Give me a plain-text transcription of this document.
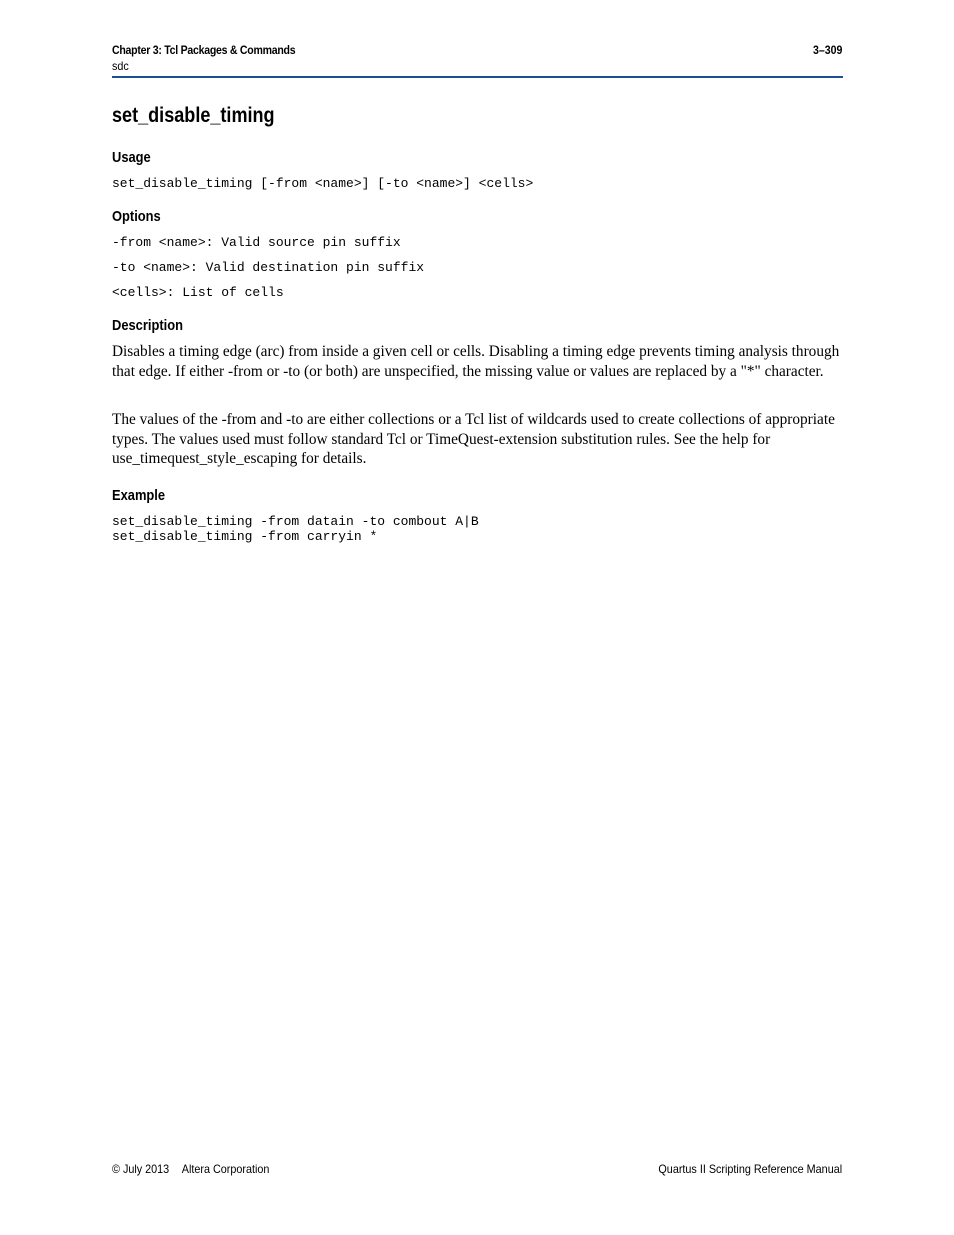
Chapter 3: Tcl Packages & Commands	3–309
sdc
set_disable_timing
Usage
set_disable_timing [-from <name>] [-to <name>] <cells>
Options
-from <name>: Valid source pin suffix
-to <name>: Valid destination pin suffix
<cells>: List of cells
Description

Disables a timing edge (arc) from inside a given cell or cells. Disabling a timing edge prevents timing analysis through that edge. If either -from or -to (or both) are unspecified, the missing value or values are replaced by a "*" character.

The values of the -from and -to are either collections or a Tcl list of wildcards used to create collections of appropriate types. The values used must follow standard Tcl or TimeQuest-extension substitution rules. See the help for use_timequest_style_escaping for details.

Example
set_disable_timing -from datain -to combout A|B
set_disable_timing -from carryin *
© July 2013 Altera Corporation	Quartus II Scripting Reference Manual
